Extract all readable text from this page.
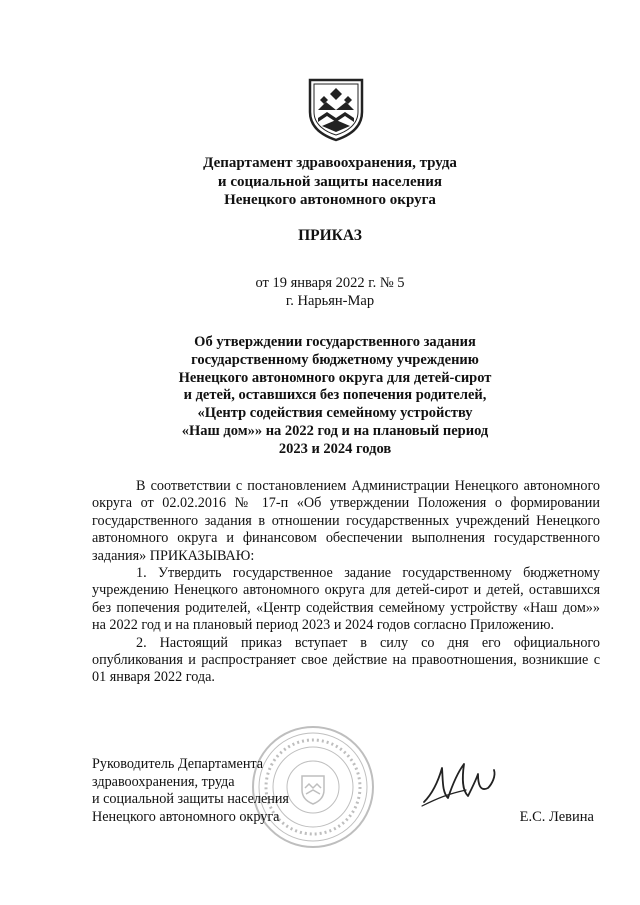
Департамент здравоохранения, труда
и социальной защиты населения
Ненецкого автономного округа
ПРИКАЗ
от 19 января 2022 г. № 5
г. Нарьян-Мар
Об утверждении государственного задания
государственному бюджетному учреждению
Ненецкого автономного округа для детей-сирот
и детей, оставшихся без попечения родителей,
«Центр содействия семейному устройству
«Наш дом»» на 2022 год и на плановый период
2023 и 2024 годов

В соответствии с постановлением Администрации Ненецкого автономного округа от 02.02.2016 № 17-п «Об утверждении Положения о формировании государственного задания в отношении государственных учреждений Ненецкого автономного округа и финансовом обеспечении выполнения государственного задания» ПРИКАЗЫВАЮ:

1. Утвердить государственное задание государственному бюджетному учреждению Ненецкого автономного округа для детей-сирот и детей, оставшихся без попечения родителей, «Центр содействия семейному устройству «Наш дом»» на 2022 год и на плановый период 2023 и 2024 годов согласно Приложению.

2. Настоящий приказ вступает в силу со дня его официального опубликования и распространяет свое действие на правоотношения, возникшие с 01 января 2022 года.

Руководитель Департамента
здравоохранения, труда
и социальной защиты населения
Ненецкого автономного округа	Е.С. Левина
